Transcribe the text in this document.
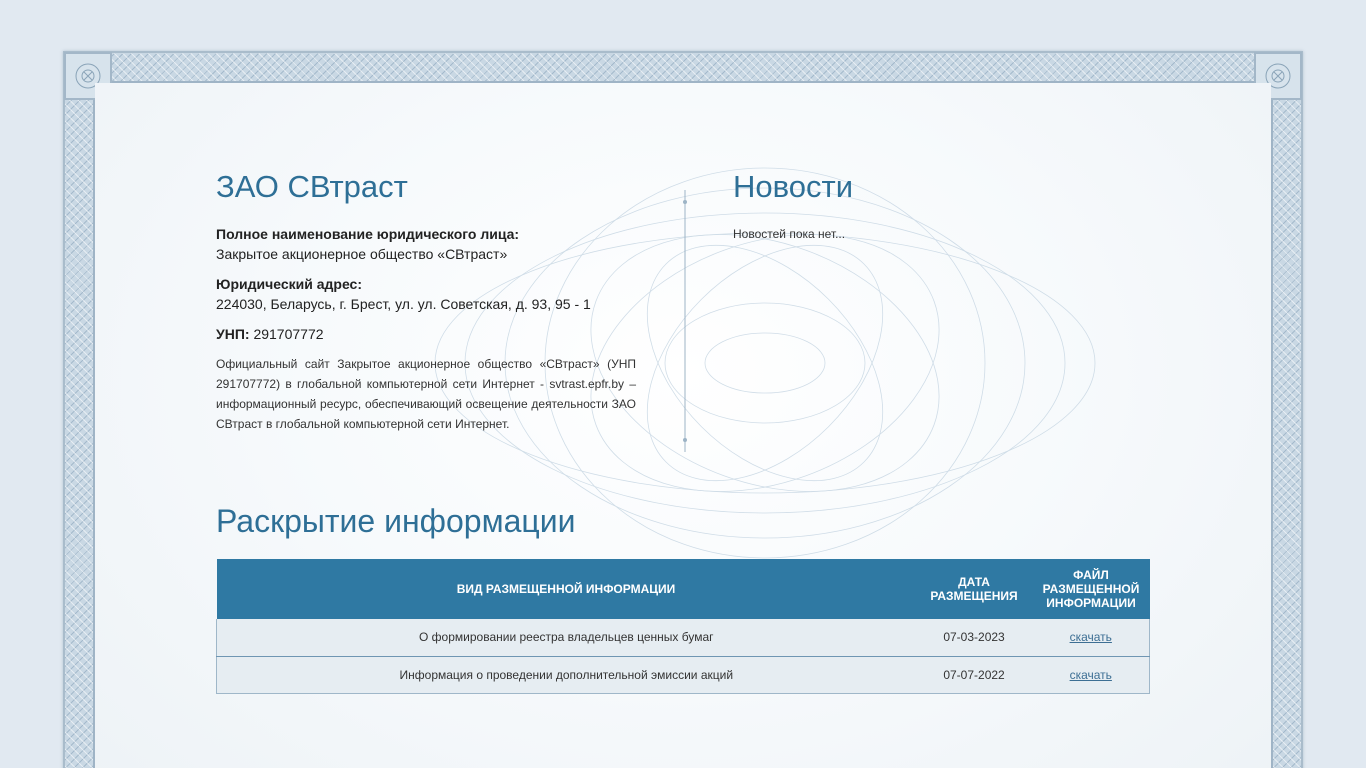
ЗАО СВтраст
Полное наименование юридического лица:
Закрытое акционерное общество «СВтраст»
Юридический адрес:
224030, Беларусь, г. Брест, ул. ул. Советская, д. 93, 95 - 1
УНП: 291707772

Официальный сайт Закрытое акционерное общество «СВтраст» (УНП 291707772) в глобальной компьютерной сети Интернет - svtrast.epfr.by – информационный ресурс, обеспечивающий освещение деятельности ЗАО СВтраст в глобальной компьютерной сети Интернет.

Новости

Новостей пока нет...

Раскрытие информации
ВИД РАЗМЕЩЕННОЙ ИНФОРМАЦИИ	ДАТА РАЗМЕЩЕНИЯ	ФАЙЛ РАЗМЕЩЕННОЙ ИНФОРМАЦИИ
О формировании реестра владельцев ценных бумаг	07-03-2023	скачать
Информация о проведении дополнительной эмиссии акций	07-07-2022	скачать
